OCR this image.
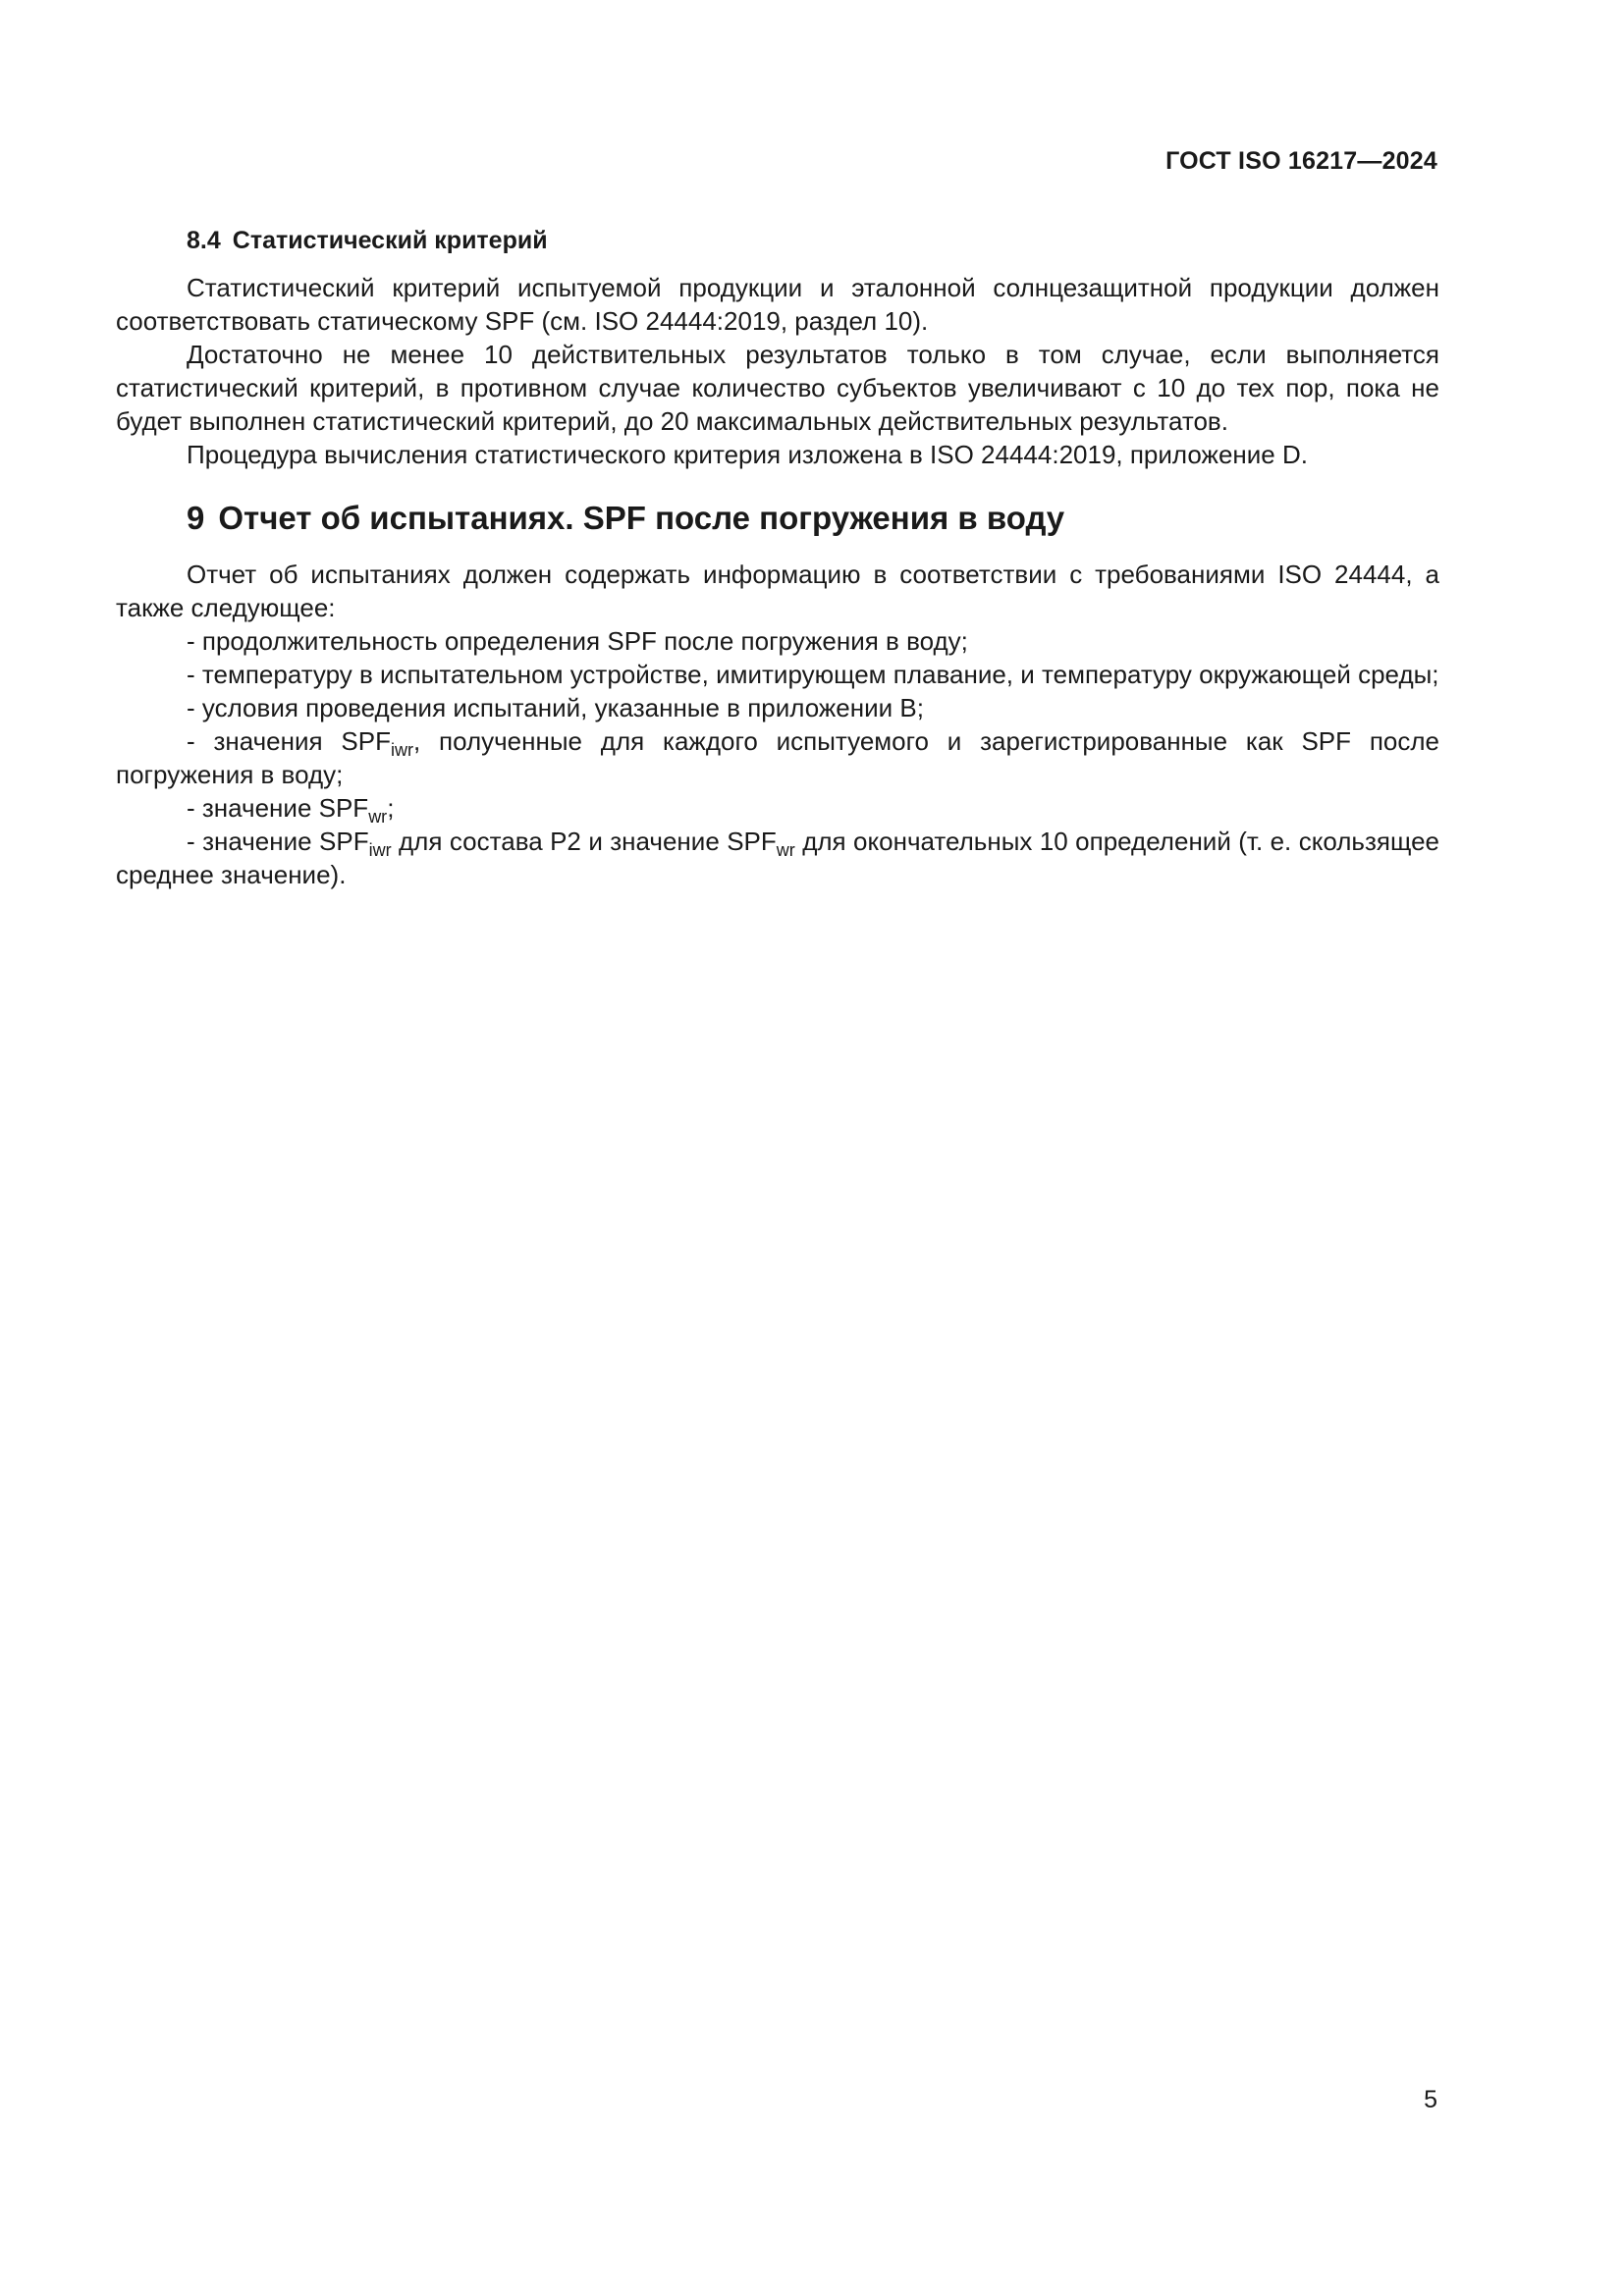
ГОСТ ISO 16217—2024
8.4 Статистический критерий

Статистический критерий испытуемой продукции и эталонной солнцезащитной продукции должен соответствовать статическому SPF (см. ISO 24444:2019, раздел 10).

Достаточно не менее 10 действительных результатов только в том случае, если выполняется статистический критерий, в противном случае количество субъектов увеличивают с 10 до тех пор, пока не будет выполнен статистический критерий, до 20 максимальных действительных результатов.

Процедура вычисления статистического критерия изложена в ISO 24444:2019, приложение D.

9 Отчет об испытаниях. SPF после погружения в воду

Отчет об испытаниях должен содержать информацию в соответствии с требованиями ISO 24444, а также следующее:

- продолжительность определения SPF после погружения в воду;

- температуру в испытательном устройстве, имитирующем плавание, и температуру окружающей среды;

- условия проведения испытаний, указанные в приложении B;

- значения $SPF_{iwr}$, полученные для каждого испытуемого и зарегистрированные как SPF после погружения в воду;

- значение $SPF_{wr}$;

- значение $SPF_{iwr}$ для состава P2 и значение $SPF_{wr}$ для окончательных 10 определений (т. е. скользящее среднее значение).

5
